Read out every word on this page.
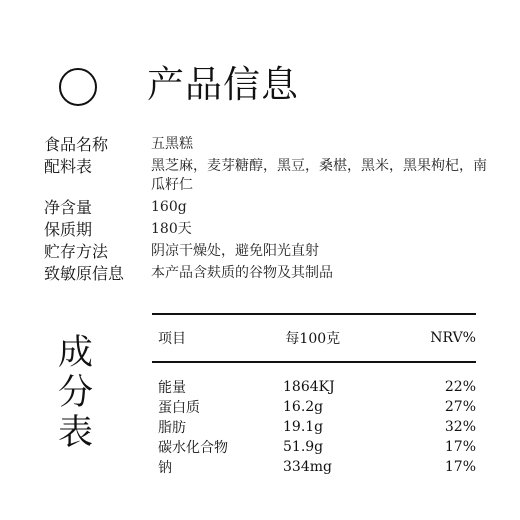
产品信息
食品名称	五黑糕
配料表	黑芝麻，麦芽糖醇，黑豆，桑椹，黑米，黑果枸杞，南瓜籽仁
净含量	160g
保质期	180天
贮存方法	阴凉干燥处，避免阳光直射
致敏原信息	本产品含麸质的谷物及其制品
成分表
项目	每100克	NRV%
能量	1864KJ	22%
蛋白质	16.2g	27%
脂肪	19.1g	32%
碳水化合物	51.9g	17%
钠	334mg	17%
